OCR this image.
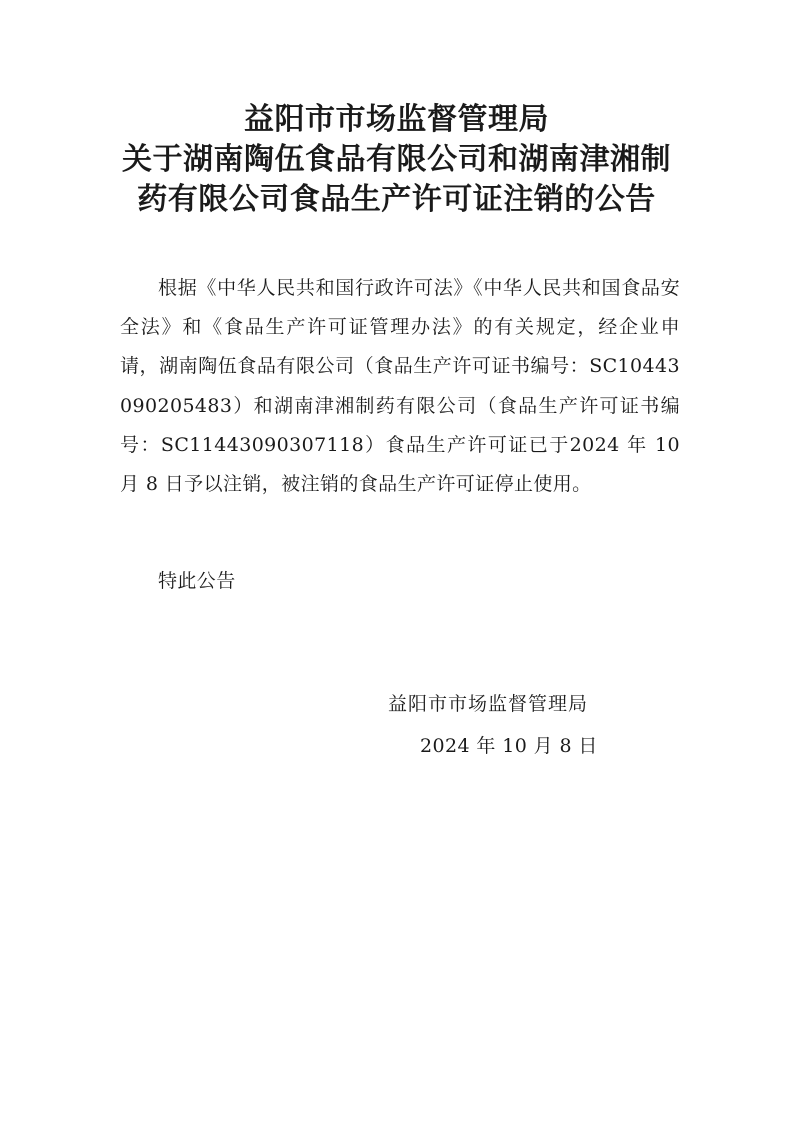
益阳市市场监督管理局
关于湖南陶伍食品有限公司和湖南津湘制
药有限公司食品生产许可证注销的公告

根据《中华人民共和国行政许可法》《中华人民共和国食品安全法》和《食品生产许可证管理办法》的有关规定，经企业申请，湖南陶伍食品有限公司（食品生产许可证书编号：SC10443090205483）和湖南津湘制药有限公司（食品生产许可证书编号：SC11443090307118）食品生产许可证已于2024 年 10 月 8 日予以注销，被注销的食品生产许可证停止使用。

特此公告
益阳市市场监督管理局
2024 年 10 月 8 日
